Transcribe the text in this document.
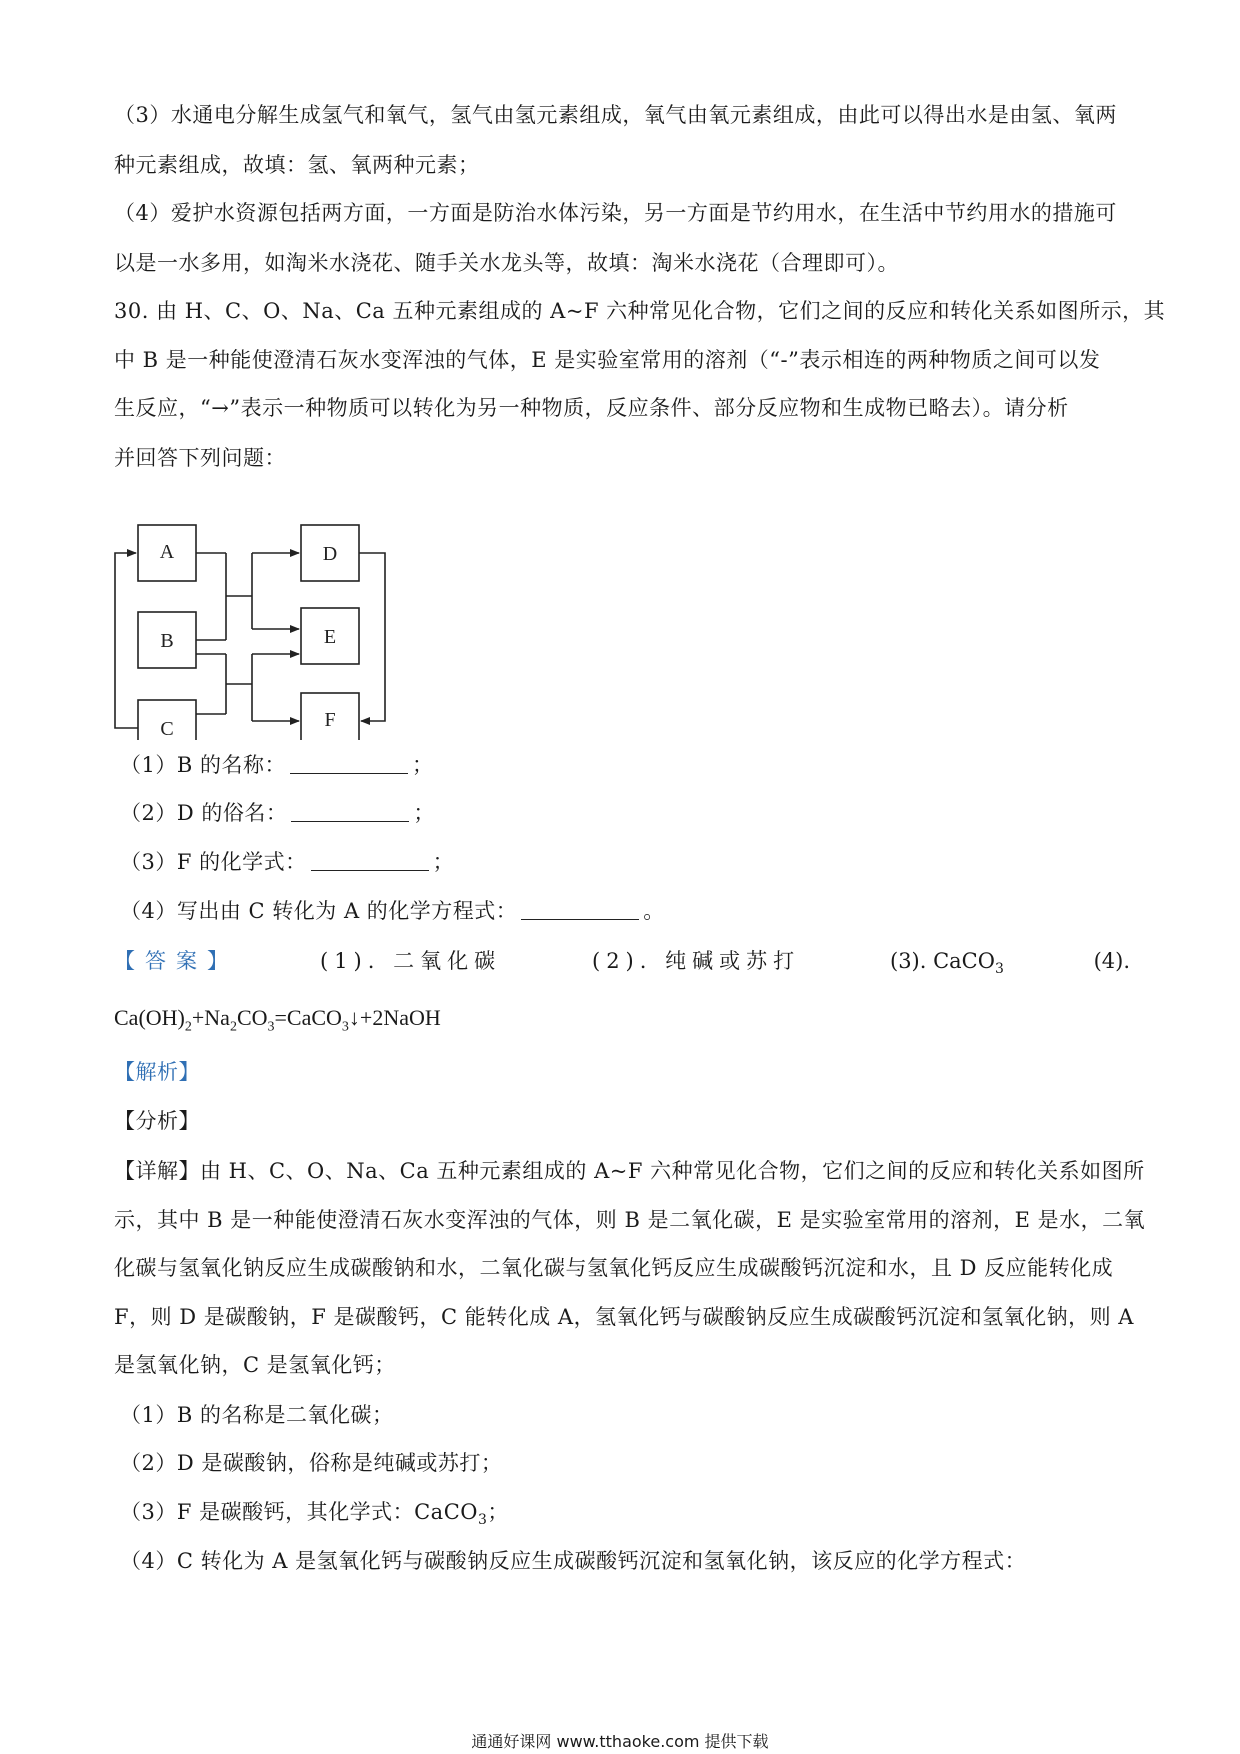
（3）水通电分解生成氢气和氧气，氢气由氢元素组成，氧气由氧元素组成，由此可以得出水是由氢、氧两
种元素组成，故填：氢、氧两种元素；
（4）爱护水资源包括两方面，一方面是防治水体污染，另一方面是节约用水，在生活中节约用水的措施可
以是一水多用，如淘米水浇花、随手关水龙头等，故填：淘米水浇花（合理即可）。
30. 由 H、C、O、Na、Ca 五种元素组成的 A~F 六种常见化合物，它们之间的反应和转化关系如图所示，其
中 B 是一种能使澄清石灰水变浑浊的气体，E 是实验室常用的溶剂（“-”表示相连的两种物质之间可以发
生反应，“→”表示一种物质可以转化为另一种物质，反应条件、部分反应物和生成物已略去）。请分析
并回答下列问题：
A
B
C
D
E
F
（1）B 的名称：	；
（2）D 的俗名：	；
（3）F 的化学式：	；
（4）写出由 C 转化为 A 的化学方程式：	。
【答案】	(1). 二氧化碳	(2). 纯碱或苏打	(3). CaCO$_3$	(4).
$Ca(OH)_2+Na_2CO_3=CaCO_3↓+2NaOH$
【解析】
【分析】
【详解】由 H、C、O、Na、Ca 五种元素组成的 A~F 六种常见化合物，它们之间的反应和转化关系如图所
示，其中 B 是一种能使澄清石灰水变浑浊的气体，则 B 是二氧化碳，E 是实验室常用的溶剂，E 是水，二氧
化碳与氢氧化钠反应生成碳酸钠和水，二氧化碳与氢氧化钙反应生成碳酸钙沉淀和水，且 D 反应能转化成
F，则 D 是碳酸钠，F 是碳酸钙，C 能转化成 A，氢氧化钙与碳酸钠反应生成碳酸钙沉淀和氢氧化钠，则 A
是氢氧化钠，C 是氢氧化钙；
（1）B 的名称是二氧化碳；
（2）D 是碳酸钠，俗称是纯碱或苏打；
（3）F 是碳酸钙，其化学式：CaCO$_3$；
（4）C 转化为 A 是氢氧化钙与碳酸钠反应生成碳酸钙沉淀和氢氧化钠，该反应的化学方程式：
通通好课网 www.tthaoke.com 提供下载
